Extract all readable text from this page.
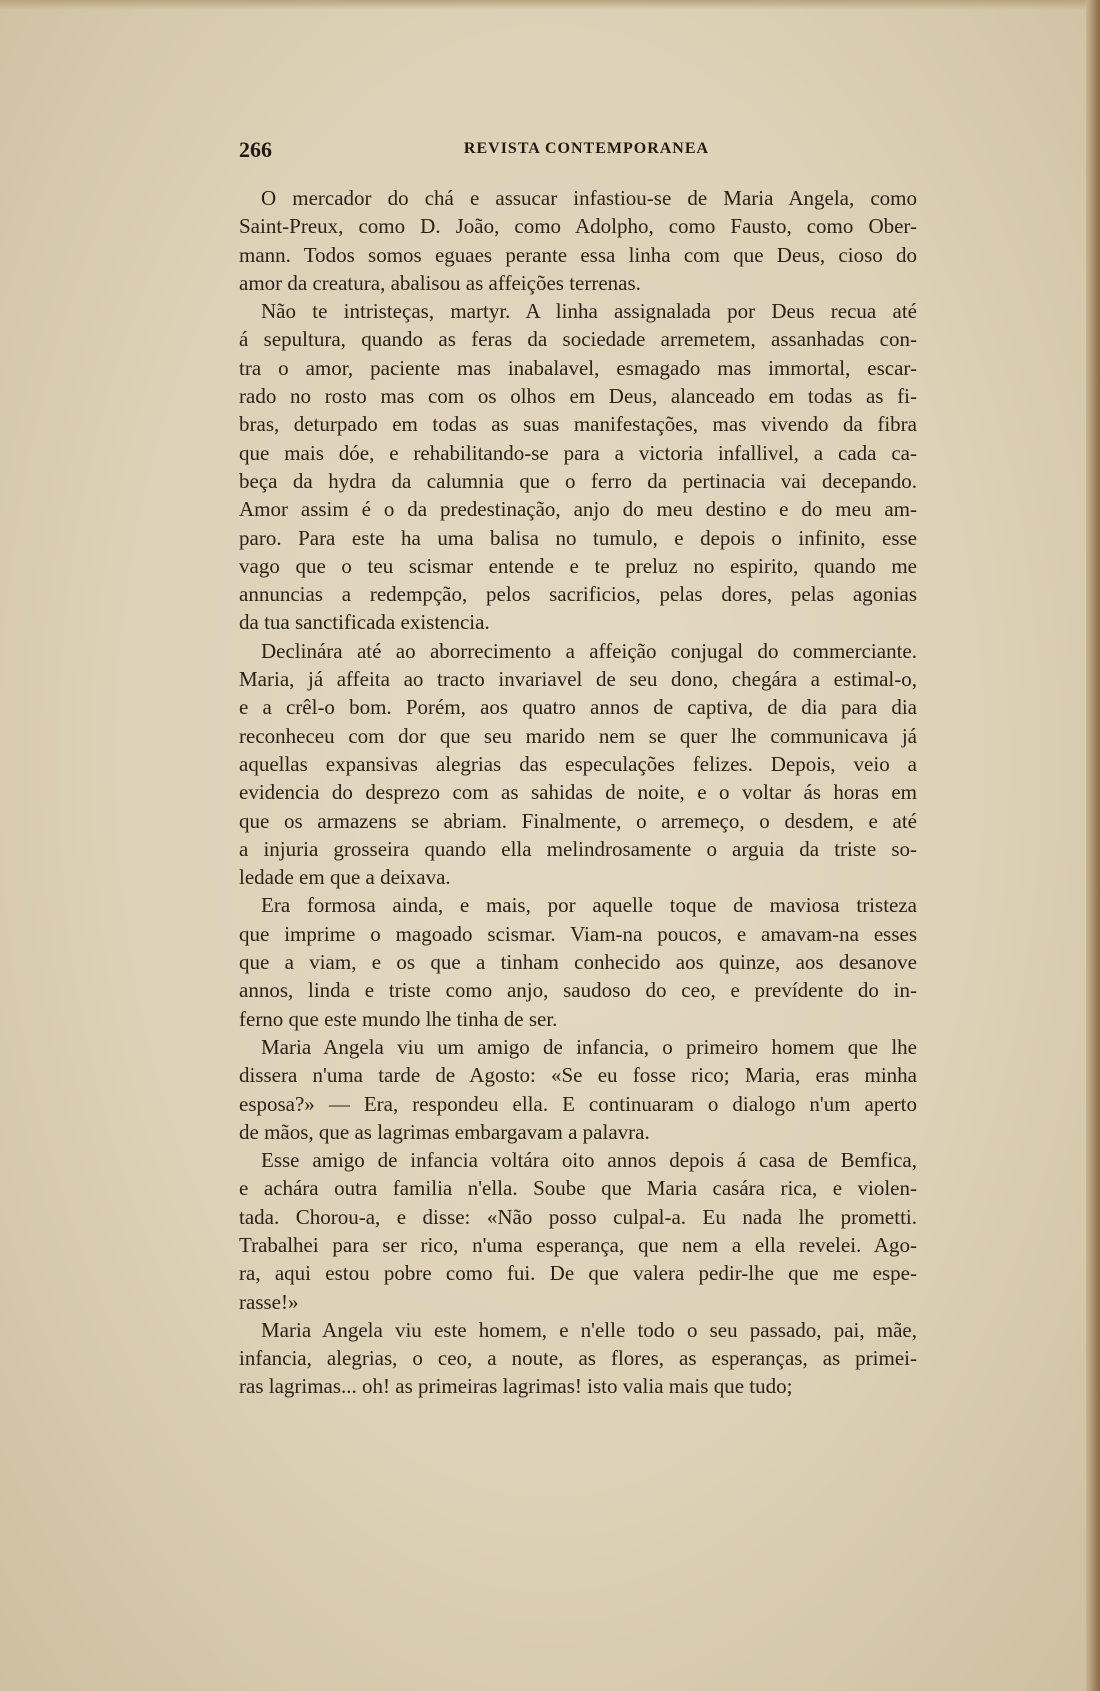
266	REVISTA CONTEMPORANEA
O mercador do chá e assucar infastiou-se de Maria Angela, como
Saint-Preux, como D. João, como Adolpho, como Fausto, como Ober-
mann. Todos somos eguaes perante essa linha com que Deus, cioso do
amor da creatura, abalisou as affeições terrenas.
Não te intristeças, martyr. A linha assignalada por Deus recua até
á sepultura, quando as feras da sociedade arremetem, assanhadas con-
tra o amor, paciente mas inabalavel, esmagado mas immortal, escar-
rado no rosto mas com os olhos em Deus, alanceado em todas as fi-
bras, deturpado em todas as suas manifestações, mas vivendo da fibra
que mais dóe, e rehabilitando-se para a victoria infallivel, a cada ca-
beça da hydra da calumnia que o ferro da pertinacia vai decepando.
Amor assim é o da predestinação, anjo do meu destino e do meu am-
paro. Para este ha uma balisa no tumulo, e depois o infinito, esse
vago que o teu scismar entende e te preluz no espirito, quando me
annuncias a redempção, pelos sacrificios, pelas dores, pelas agonias
da tua sanctificada existencia.
Declinára até ao aborrecimento a affeição conjugal do commerciante.
Maria, já affeita ao tracto invariavel de seu dono, chegára a estimal-o,
e a crêl-o bom. Porém, aos quatro annos de captiva, de dia para dia
reconheceu com dor que seu marido nem se quer lhe communicava já
aquellas expansivas alegrias das especulações felizes. Depois, veio a
evidencia do desprezo com as sahidas de noite, e o voltar ás horas em
que os armazens se abriam. Finalmente, o arremeço, o desdem, e até
a injuria grosseira quando ella melindrosamente o arguia da triste so-
ledade em que a deixava.
Era formosa ainda, e mais, por aquelle toque de maviosa tristeza
que imprime o magoado scismar. Viam-na poucos, e amavam-na esses
que a viam, e os que a tinham conhecido aos quinze, aos desanove
annos, linda e triste como anjo, saudoso do ceo, e prevídente do in-
ferno que este mundo lhe tinha de ser.
Maria Angela viu um amigo de infancia, o primeiro homem que lhe
dissera n'uma tarde de Agosto: «Se eu fosse rico; Maria, eras minha
esposa?» — Era, respondeu ella. E continuaram o dialogo n'um aperto
de mãos, que as lagrimas embargavam a palavra.
Esse amigo de infancia voltára oito annos depois á casa de Bemfica,
e achára outra familia n'ella. Soube que Maria casára rica, e violen-
tada. Chorou-a, e disse: «Não posso culpal-a. Eu nada lhe prometti.
Trabalhei para ser rico, n'uma esperança, que nem a ella revelei. Ago-
ra, aqui estou pobre como fui. De que valera pedir-lhe que me espe-
rasse!»
Maria Angela viu este homem, e n'elle todo o seu passado, pai, mãe,
infancia, alegrias, o ceo, a noute, as flores, as esperanças, as primei-
ras lagrimas... oh! as primeiras lagrimas! isto valia mais que tudo;
